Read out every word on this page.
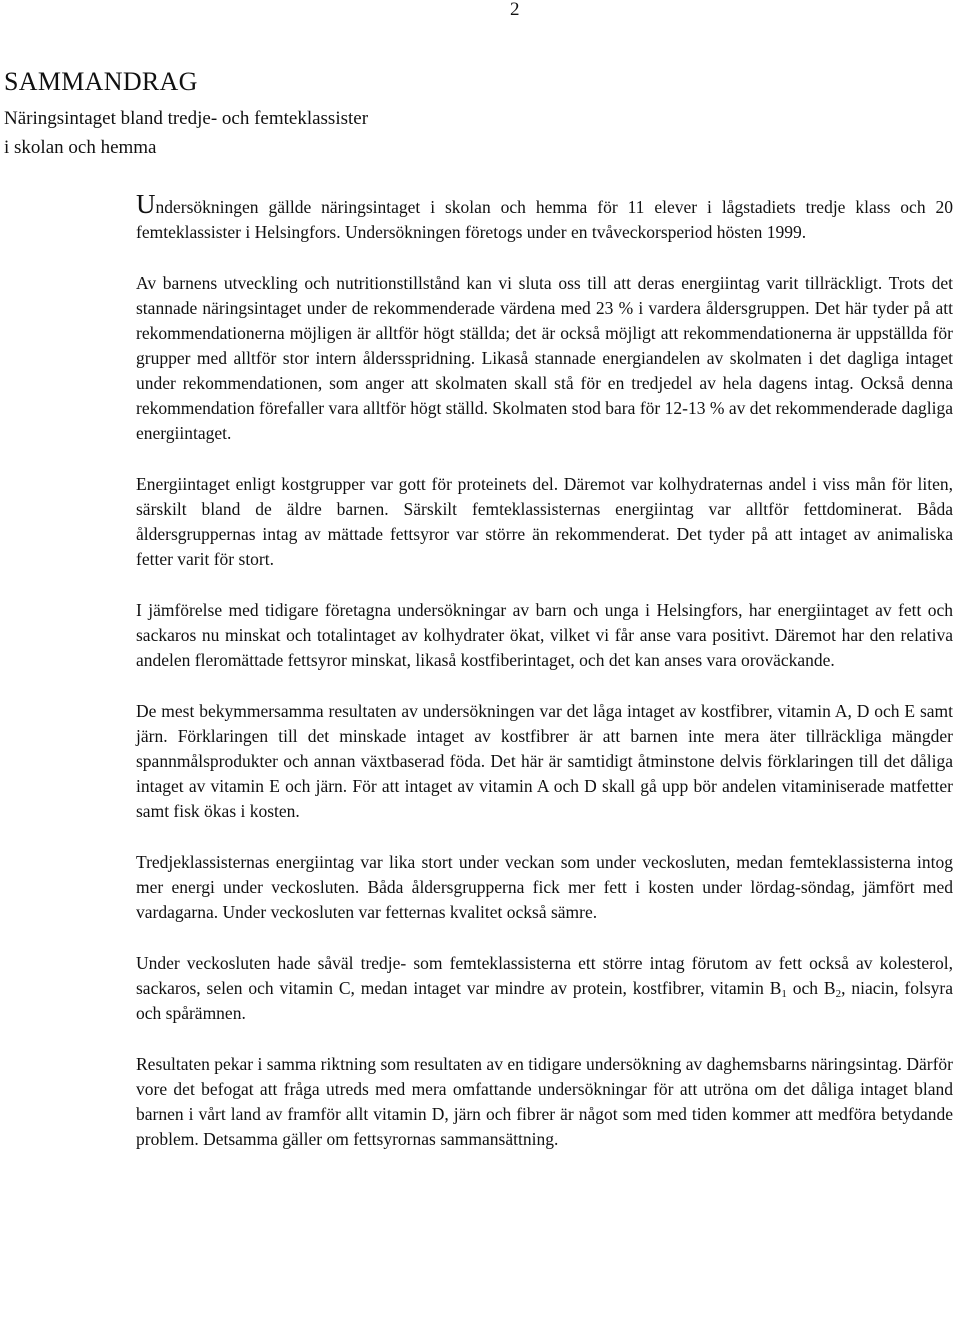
2
SAMMANDRAG
Näringsintaget bland tredje- och femteklassister
i skolan och hemma

Undersökningen gällde näringsintaget i skolan och hemma för 11 elever i lågstadiets tredje klass och 20 femteklassister i Helsingfors. Undersökningen företogs under en tvåveckorsperiod hösten 1999.

Av barnens utveckling och nutritionstillstånd kan vi sluta oss till att deras energiintag varit tillräckligt. Trots det stannade näringsintaget under de rekommenderade värdena med 23 % i vardera åldersgruppen. Det här tyder på att rekommendationerna möjligen är alltför högt ställda; det är också möjligt att rekommendationerna är uppställda för grupper med alltför stor intern åldersspridning. Likaså stannade energiandelen av skolmaten i det dagliga intaget under rekommendationen, som anger att skolmaten skall stå för en tredjedel av hela dagens intag. Också denna rekommendation förefaller vara alltför högt ställd. Skolmaten stod bara för 12-13 % av det rekommenderade dagliga energiintaget.

Energiintaget enligt kostgrupper var gott för proteinets del. Däremot var kolhydraternas andel i viss mån för liten, särskilt bland de äldre barnen. Särskilt femteklassisternas energiintag var alltför fettdominerat. Båda åldersgruppernas intag av mättade fettsyror var större än rekommenderat. Det tyder på att intaget av animaliska fetter varit för stort.

I jämförelse med tidigare företagna undersökningar av barn och unga i Helsingfors, har energiintaget av fett och sackaros nu minskat och totalintaget av kolhydrater ökat, vilket vi får anse vara positivt. Däremot har den relativa andelen fleromättade fettsyror minskat, likaså kostfiberintaget, och det kan anses vara oroväckande.

De mest bekymmersamma resultaten av undersökningen var det låga intaget av kostfibrer, vitamin A, D och E samt järn. Förklaringen till det minskade intaget av kostfibrer är att barnen inte mera äter tillräckliga mängder spannmålsprodukter och annan växtbaserad föda. Det här är samtidigt åtminstone delvis förklaringen till det dåliga intaget av vitamin E och järn. För att intaget av vitamin A och D skall gå upp bör andelen vitaminiserade matfetter samt fisk ökas i kosten.

Tredjeklassisternas energiintag var lika stort under veckan som under veckosluten, medan femteklassisterna intog mer energi under veckosluten. Båda åldersgrupperna fick mer fett i kosten under lördag-söndag, jämfört med vardagarna. Under veckosluten var fetternas kvalitet också sämre.

Under veckosluten hade såväl tredje- som femteklassisterna ett större intag förutom av fett också av kolesterol, sackaros, selen och vitamin C, medan intaget var mindre av protein, kostfibrer, vitamin $B_1$ och $B_2$, niacin, folsyra och spårämnen.

Resultaten pekar i samma riktning som resultaten av en tidigare undersökning av daghemsbarns näringsintag. Därför vore det befogat att fråga utreds med mera omfattande undersökningar för att utröna om det dåliga intaget bland barnen i vårt land av framför allt vitamin D, järn och fibrer är något som med tiden kommer att medföra betydande problem. Detsamma gäller om fettsyrornas sammansättning.
